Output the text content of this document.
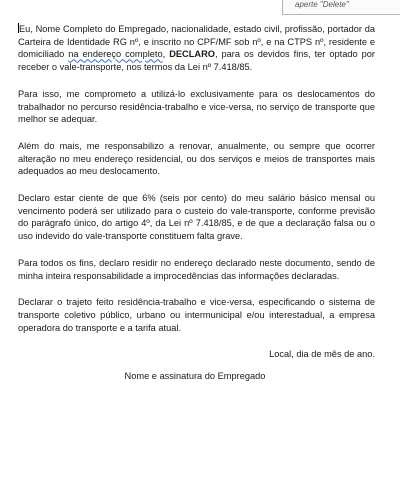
aperte "Delete"

Eu, Nome Completo do Empregado, nacionalidade, estado civil, profissão, portador da Carteira de Identidade RG nº, e inscrito no CPF/MF sob nº, e na CTPS nº, residente e domiciliado na endereço completo, DECLARO, para os devidos fins, ter optado por receber o vale-transporte, nos termos da Lei nº 7.418/85.

Para isso, me comprometo a utilizá-lo exclusivamente para os deslocamentos do trabalhador no percurso residência-trabalho e vice-versa, no serviço de transporte que melhor se adequar.

Além do mais, me responsabilizo a renovar, anualmente, ou sempre que ocorrer alteração no meu endereço residencial, ou dos serviços e meios de transportes mais adequados ao meu deslocamento.

Declaro estar ciente de que 6% (seis por cento) do meu salário básico mensal ou vencimento poderá ser utilizado para o custeio do vale-transporte, conforme previsão do parágrafo único, do artigo 4º, da Lei nº 7.418/85, e de que a declaração falsa ou o uso indevido do vale-transporte constituem falta grave.

Para todos os fins, declaro residir no endereço declarado neste documento, sendo de minha inteira responsabilidade a improcedências das informações declaradas.

Declarar o trajeto feito residência-trabalho e vice-versa, especificando o sistema de transporte coletivo público, urbano ou intermunicipal e/ou interestadual, a empresa operadora do transporte e a tarifa atual.

Local, dia de mês de ano.

Nome e assinatura do Empregado
